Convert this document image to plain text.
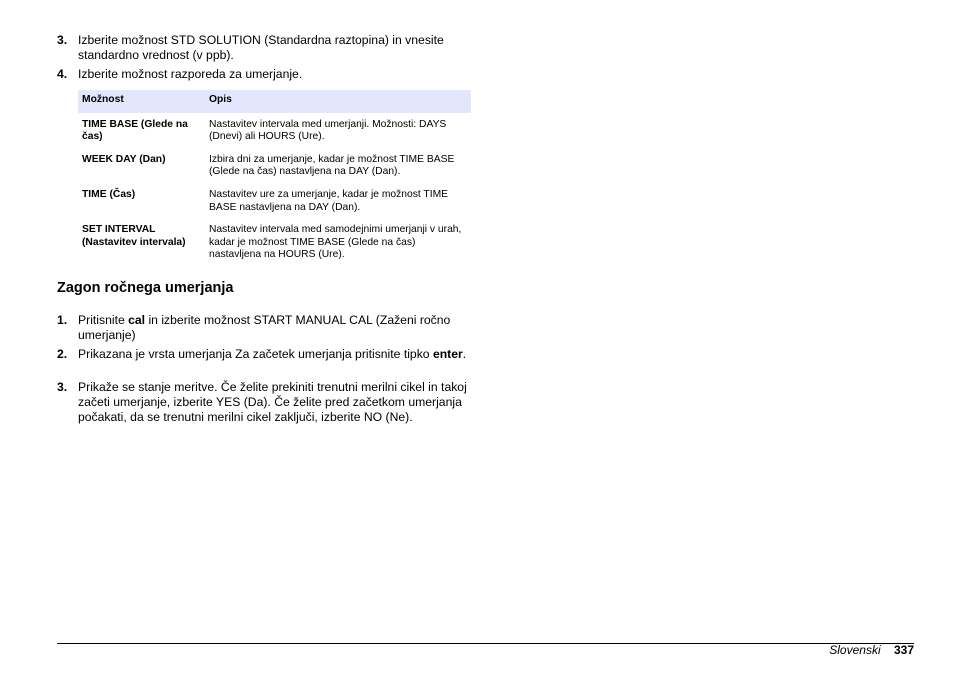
3. Izberite možnost STD SOLUTION (Standardna raztopina) in vnesite standardno vrednost (v ppb).
4. Izberite možnost razporeda za umerjanje.
Možnost	Opis
TIME BASE (Glede na čas)	Nastavitev intervala med umerjanji. Možnosti: DAYS (Dnevi) ali HOURS (Ure).
WEEK DAY (Dan)	Izbira dni za umerjanje, kadar je možnost TIME BASE (Glede na čas) nastavljena na DAY (Dan).
TIME (Čas)	Nastavitev ure za umerjanje, kadar je možnost TIME BASE nastavljena na DAY (Dan).
SET INTERVAL (Nastavitev intervala)	Nastavitev intervala med samodejnimi umerjanji v urah, kadar je možnost TIME BASE (Glede na čas) nastavljena na HOURS (Ure).
Zagon ročnega umerjanja
1. Pritisnite cal in izberite možnost START MANUAL CAL (Zaženi ročno umerjanje)
2. Prikazana je vrsta umerjanja Za začetek umerjanja pritisnite tipko enter.
3. Prikaže se stanje meritve. Če želite prekiniti trenutni merilni cikel in takoj začeti umerjanje, izberite YES (Da). Če želite pred začetkom umerjanja počakati, da se trenutni merilni cikel zaključi, izberite NO (Ne).
Slovenski 337
